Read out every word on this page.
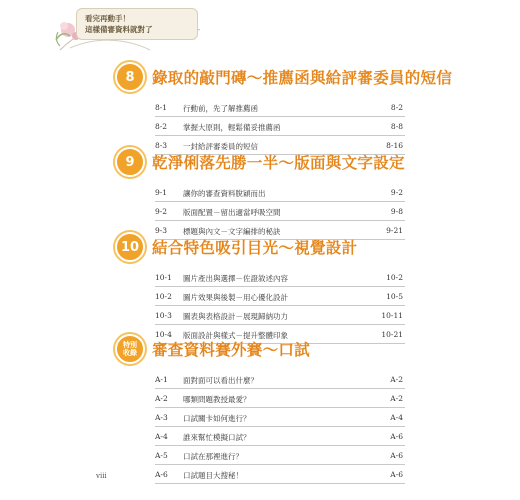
看完再動手！
這樣備審資料就對了
8	錄取的敲門磚～推薦函與給評審委員的短信
8-1	行動前，先了解推薦函	8-2
8-2	掌握大原則，輕鬆備妥推薦函	8-8
8-3	一封給評審委員的短信	8-16
9	乾淨俐落先勝一半～版面與文字設定
9-1	讓你的審查資料脫穎而出	9-2
9-2	版面配置－留出適當呼吸空間	9-8
9-3	標題與內文－文字編排的秘訣	9-21
10 結合特色吸引目光～視覺設計
10-1	圖片產出與選擇－佐證敘述內容	10-2
10-2	圖片效果與後製－用心優化設計	10-5
10-3	圖表與表格設計－展現歸納功力	10-11
10-4	版面設計與樣式－提升整體印象	10-21
特別
收錄 審查資料賽外賽～口試
A-1	面對面可以看出什麼？	A-2
A-2	哪類問題教授最愛？	A-2
A-3	口試關卡如何進行？	A-4
A-4	誰來幫忙模擬口試？	A-6
A-5	口試在那裡進行？	A-6
A-6	口試題目大搜秘！	A-6
viii
